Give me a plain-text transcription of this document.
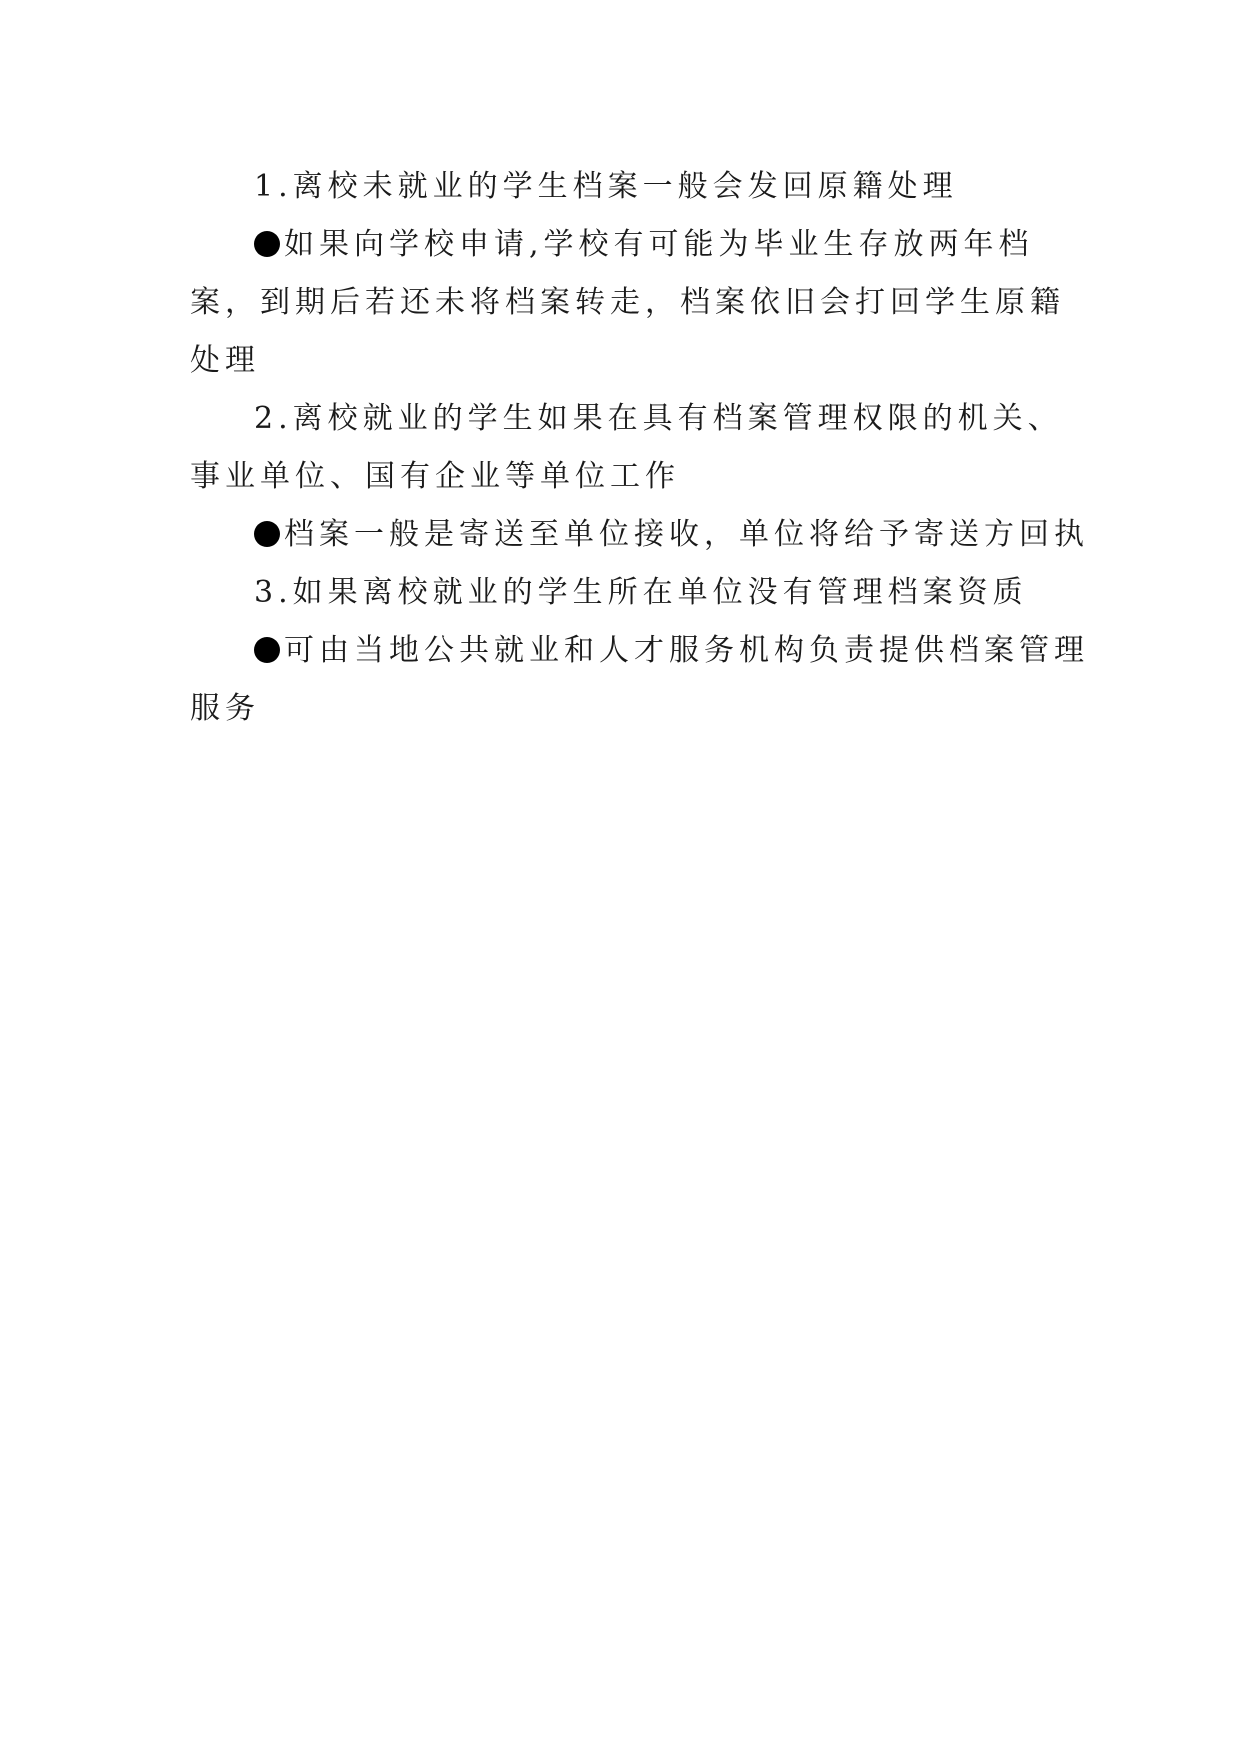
1.离校未就业的学生档案一般会发回原籍处理

如果向学校申请,学校有可能为毕业生存放两年档案，到期后若还未将档案转走，档案依旧会打回学生原籍处理

2.离校就业的学生如果在具有档案管理权限的机关、事业单位、国有企业等单位工作

档案一般是寄送至单位接收，单位将给予寄送方回执

3.如果离校就业的学生所在单位没有管理档案资质

可由当地公共就业和人才服务机构负责提供档案管理服务
